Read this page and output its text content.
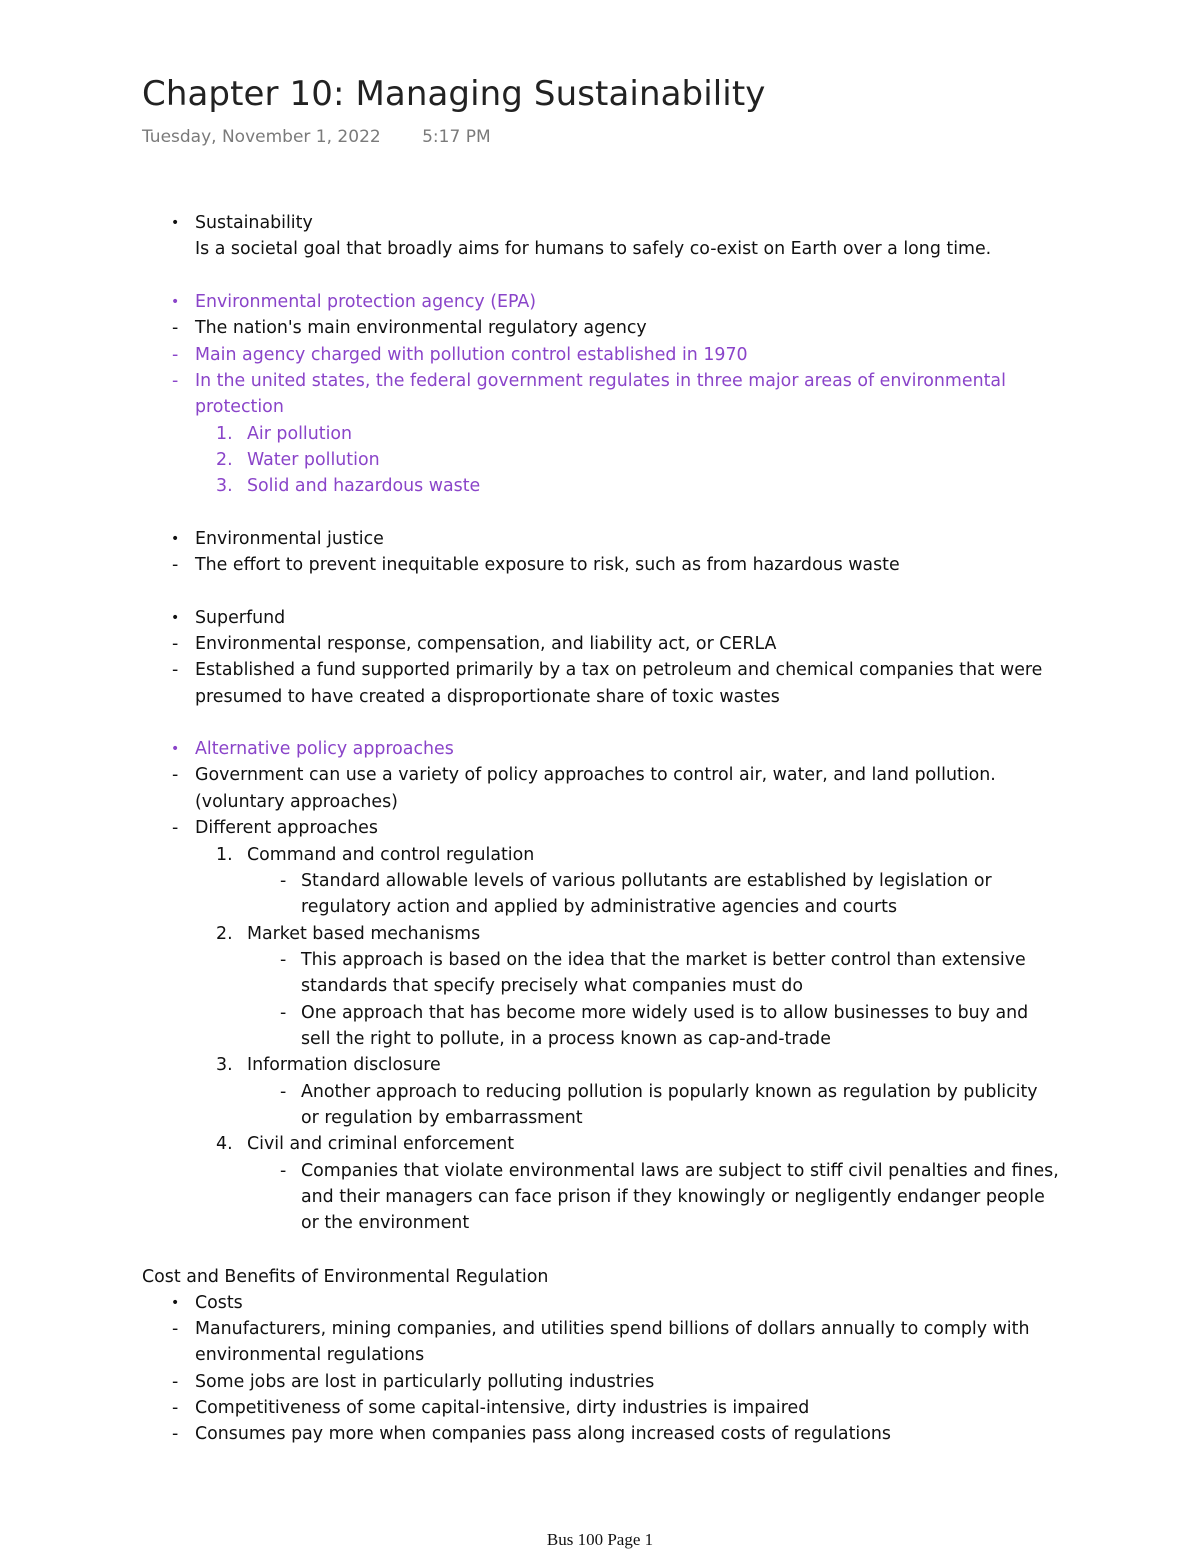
Chapter 10: Managing Sustainability
Tuesday, November 1, 2022 5:17 PM
• Sustainability
Is a societal goal that broadly aims for humans to safely co-exist on Earth over a long time.
• Environmental protection agency (EPA)
- The nation's main environmental regulatory agency
- Main agency charged with pollution control established in 1970
- In the united states, the federal government regulates in three major areas of environmental
protection
1. Air pollution
2. Water pollution
3. Solid and hazardous waste
• Environmental justice
- The effort to prevent inequitable exposure to risk, such as from hazardous waste
• Superfund
- Environmental response, compensation, and liability act, or CERLA
- Established a fund supported primarily by a tax on petroleum and chemical companies that were
presumed to have created a disproportionate share of toxic wastes
• Alternative policy approaches
- Government can use a variety of policy approaches to control air, water, and land pollution.
(voluntary approaches)
- Different approaches
1. Command and control regulation
- Standard allowable levels of various pollutants are established by legislation or
regulatory action and applied by administrative agencies and courts
2. Market based mechanisms
- This approach is based on the idea that the market is better control than extensive
standards that specify precisely what companies must do
- One approach that has become more widely used is to allow businesses to buy and
sell the right to pollute, in a process known as cap-and-trade
3. Information disclosure
- Another approach to reducing pollution is popularly known as regulation by publicity
or regulation by embarrassment
4. Civil and criminal enforcement
- Companies that violate environmental laws are subject to stiff civil penalties and fines,
and their managers can face prison if they knowingly or negligently endanger people
or the environment
Cost and Benefits of Environmental Regulation
• Costs
- Manufacturers, mining companies, and utilities spend billions of dollars annually to comply with
environmental regulations
- Some jobs are lost in particularly polluting industries
- Competitiveness of some capital-intensive, dirty industries is impaired
- Consumes pay more when companies pass along increased costs of regulations
Bus 100 Page 1
